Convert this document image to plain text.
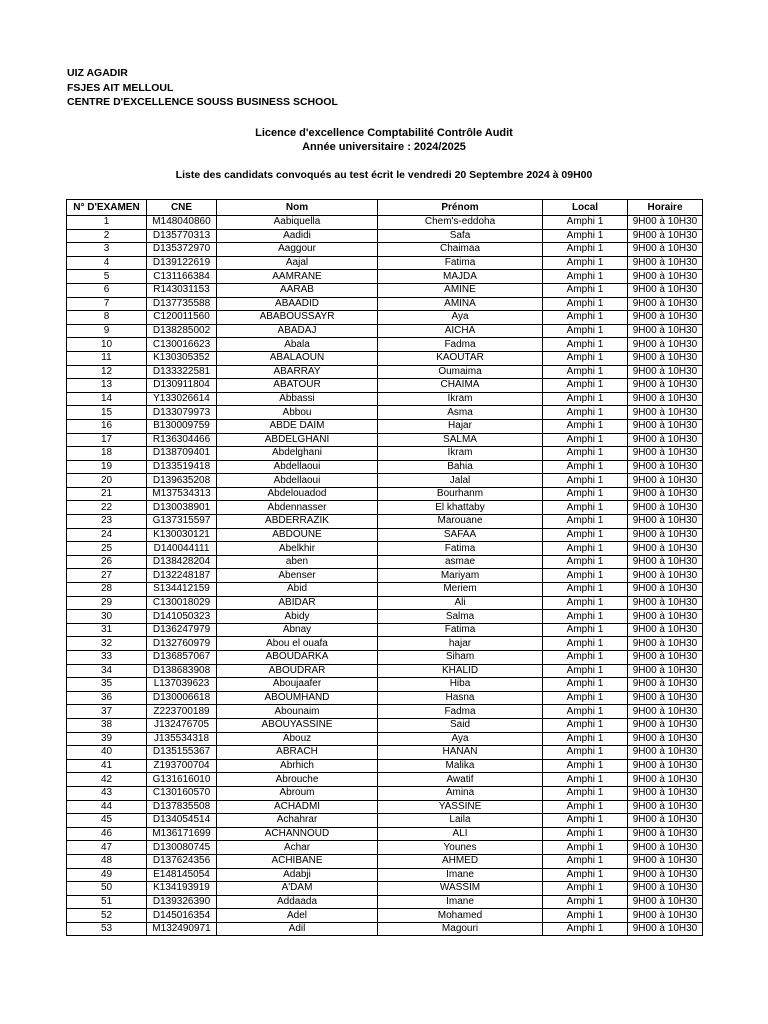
UIZ AGADIR
FSJES AIT MELLOUL
CENTRE D'EXCELLENCE SOUSS BUSINESS SCHOOL
Licence d'excellence Comptabilité Contrôle Audit
Année universitaire : 2024/2025
Liste des candidats convoqués au test écrit le vendredi 20 Septembre 2024 à 09H00
N° D'EXAMEN	CNE	Nom	Prénom	Local	Horaire
1	M148040860	Aabiquella	Chem's-eddoha	Amphi 1	9H00 à 10H30
2	D135770313	Aadidi	Safa	Amphi 1	9H00 à 10H30
3	D135372970	Aaggour	Chaimaa	Amphi 1	9H00 à 10H30
4	D139122619	Aajal	Fatima	Amphi 1	9H00 à 10H30
5	C131166384	AAMRANE	MAJDA	Amphi 1	9H00 à 10H30
6	R143031153	AARAB	AMINE	Amphi 1	9H00 à 10H30
7	D137735588	ABAADID	AMINA	Amphi 1	9H00 à 10H30
8	C120011560	ABABOUSSAYR	Aya	Amphi 1	9H00 à 10H30
9	D138285002	ABADAJ	AICHA	Amphi 1	9H00 à 10H30
10	C130016623	Abala	Fadma	Amphi 1	9H00 à 10H30
11	K130305352	ABALAOUN	KAOUTAR	Amphi 1	9H00 à 10H30
12	D133322581	ABARRAY	Oumaima	Amphi 1	9H00 à 10H30
13	D130911804	ABATOUR	CHAIMA	Amphi 1	9H00 à 10H30
14	Y133026614	Abbassi	Ikram	Amphi 1	9H00 à 10H30
15	D133079973	Abbou	Asma	Amphi 1	9H00 à 10H30
16	B130009759	ABDE DAIM	Hajar	Amphi 1	9H00 à 10H30
17	R136304466	ABDELGHANI	SALMA	Amphi 1	9H00 à 10H30
18	D138709401	Abdelghani	Ikram	Amphi 1	9H00 à 10H30
19	D133519418	Abdellaoui	Bahia	Amphi 1	9H00 à 10H30
20	D139635208	Abdellaoui	Jalal	Amphi 1	9H00 à 10H30
21	M137534313	Abdelouadod	Bourhanm	Amphi 1	9H00 à 10H30
22	D130038901	Abdennasser	El khattaby	Amphi 1	9H00 à 10H30
23	G137315597	ABDERRAZIK	Marouane	Amphi 1	9H00 à 10H30
24	K130030121	ABDOUNE	SAFAA	Amphi 1	9H00 à 10H30
25	D140044111	Abelkhir	Fatima	Amphi 1	9H00 à 10H30
26	D138428204	aben	asmae	Amphi 1	9H00 à 10H30
27	D132248187	Abenser	Mariyam	Amphi 1	9H00 à 10H30
28	S134412159	Abid	Meriem	Amphi 1	9H00 à 10H30
29	C130018029	ABIDAR	Ali	Amphi 1	9H00 à 10H30
30	D141050323	Abidy	Salma	Amphi 1	9H00 à 10H30
31	D136247979	Abnay	Fatima	Amphi 1	9H00 à 10H30
32	D132760979	Abou el ouafa	hajar	Amphi 1	9H00 à 10H30
33	D136857067	ABOUDARKA	Siham	Amphi 1	9H00 à 10H30
34	D138683908	ABOUDRAR	KHALID	Amphi 1	9H00 à 10H30
35	L137039623	Aboujaafer	Hiba	Amphi 1	9H00 à 10H30
36	D130006618	ABOUMHAND	Hasna	Amphi 1	9H00 à 10H30
37	Z223700189	Abounaim	Fadma	Amphi 1	9H00 à 10H30
38	J132476705	ABOUYASSINE	Said	Amphi 1	9H00 à 10H30
39	J135534318	Abouz	Aya	Amphi 1	9H00 à 10H30
40	D135155367	ABRACH	HANAN	Amphi 1	9H00 à 10H30
41	Z193700704	Abrhich	Malika	Amphi 1	9H00 à 10H30
42	G131616010	Abrouche	Awatif	Amphi 1	9H00 à 10H30
43	C130160570	Abroum	Amina	Amphi 1	9H00 à 10H30
44	D137835508	ACHADMI	YASSINE	Amphi 1	9H00 à 10H30
45	D134054514	Achahrar	Laila	Amphi 1	9H00 à 10H30
46	M136171699	ACHANNOUD	ALI	Amphi 1	9H00 à 10H30
47	D130080745	Achar	Younes	Amphi 1	9H00 à 10H30
48	D137624356	ACHIBANE	AHMED	Amphi 1	9H00 à 10H30
49	E148145054	Adabji	Imane	Amphi 1	9H00 à 10H30
50	K134193919	A'DAM	WASSIM	Amphi 1	9H00 à 10H30
51	D139326390	Addaada	Imane	Amphi 1	9H00 à 10H30
52	D145016354	Adel	Mohamed	Amphi 1	9H00 à 10H30
53	M132490971	Adil	Magouri	Amphi 1	9H00 à 10H30
